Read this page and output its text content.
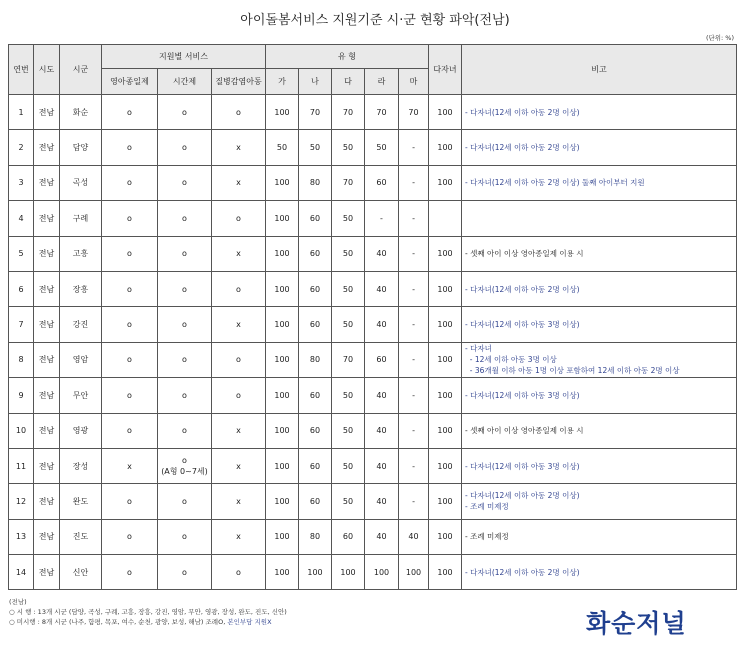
아이돌봄서비스 지원기준 시·군 현황 파악(전남)
(단위: %)
연번	시도	시군	지원별 서비스			유 형					다자녀	비고
			영아종일제	시간제	질병감염아동	가	나	다	라	마		
1	전남	화순	o	o	o	100	70	70	70	70	100	- 다자녀(12세 이하 아동 2명 이상)

2	전남	담양	o	o	x	50	50	50	50	-	100	- 다자녀(12세 이하 아동 2명 이상)

3	전남	곡성	o	o	x	100	80	70	60	-	100	- 다자녀(12세 이하 아동 2명 이상) 둘째 아이부터 지원

4	전남	구례	o	o	o	100	60	50	-	-		
5	전남	고흥	o	o	x	100	60	50	40	-	100	- 셋째 아이 이상 영아종일제 이용 시

6	전남	장흥	o	o	o	100	60	50	40	-	100	- 다자녀(12세 이하 아동 2명 이상)

7	전남	강진	o	o	x	100	60	50	40	-	100	- 다자녀(12세 이하 아동 3명 이상)

8	전남	영암	o	o	o	100	80	70	60	-	100	- 다자녀
- 12세 이하 아동 3명 이상
- 36개월 이하 아동 1명 이상 포함하여 12세 이하 아동 2명 이상

9	전남	무안	o	o	o	100	60	50	40	-	100	- 다자녀(12세 이하 아동 3명 이상)

10	전남	영광	o	o	x	100	60	50	40	-	100	- 셋째 아이 이상 영아종일제 이용 시

11	전남	장성	x	o
(A형 0~7세)	x	100	60	50	40	-	100	- 다자녀(12세 이하 아동 3명 이상)

12	전남	완도	o	o	x	100	60	50	40	-	100	- 다자녀(12세 이하 아동 2명 이상)
- 조례 미제정

13	전남	진도	o	o	x	100	80	60	40	40	100	- 조례 미제정

14	전남	신안	o	o	o	100	100	100	100	100	100	- 다자녀(12세 이하 아동 2명 이상)
(전남)
○ 시 행 : 13개 시군 (담양, 곡성, 구례, 고흥, 장흥, 강진, 영암, 무안, 영광, 장성, 완도, 진도, 신안)
○ 미시행 : 8개 시군 (나주, 함평, 목포, 여수, 순천, 광양, 보성, 해남) 조례O, 본인부담 지원X	화순저널
